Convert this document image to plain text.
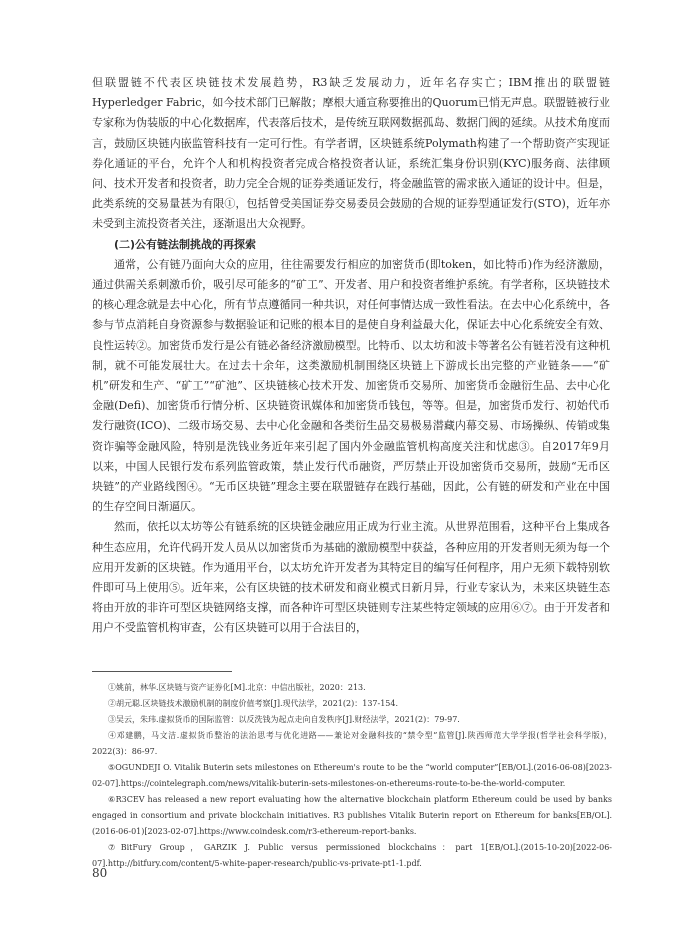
但联盟链不代表区块链技术发展趋势，R3缺乏发展动力，近年名存实亡；IBM推出的联盟链 Hyperledger Fabric，如今技术部门已解散；摩根大通宣称要推出的Quorum已悄无声息。联盟链被行业专家称为伪装版的中心化数据库，代表落后技术，是传统互联网数据孤岛、数据门阀的延续。从技术角度而言，鼓励区块链内嵌监管科技有一定可行性。有学者谓，区块链系统Polymath构建了一个帮助资产实现证券化通证的平台，允许个人和机构投资者完成合格投资者认证，系统汇集身份识别(KYC)服务商、法律顾问、技术开发者和投资者，助力完全合规的证券类通证发行，将金融监管的需求嵌入通证的设计中。但是，此类系统的交易量甚为有限①，包括曾受美国证券交易委员会鼓励的合规的证券型通证发行(STO)，近年亦未受到主流投资者关注，逐渐退出大众视野。

(二)公有链法制挑战的再探索

通常，公有链乃面向大众的应用，往往需要发行相应的加密货币(即token，如比特币)作为经济激励，通过供需关系刺激币价，吸引尽可能多的“矿工”、开发者、用户和投资者维护系统。有学者称，区块链技术的核心理念就是去中心化，所有节点遵循同一种共识，对任何事情达成一致性看法。在去中心化系统中，各参与节点消耗自身资源参与数据验证和记账的根本目的是使自身利益最大化，保证去中心化系统安全有效、良性运转②。加密货币发行是公有链必备经济激励模型。比特币、以太坊和波卡等著名公有链若没有这种机制，就不可能发展壮大。在过去十余年，这类激励机制围绕区块链上下游成长出完整的产业链条——“矿机”研发和生产、“矿工”“矿池”、区块链核心技术开发、加密货币交易所、加密货币金融衍生品、去中心化金融(Defi)、加密货币行情分析、区块链资讯媒体和加密货币钱包，等等。但是，加密货币发行、初始代币发行融资(ICO)、二级市场交易、去中心化金融和各类衍生品交易极易潜藏内幕交易、市场操纵、传销或集资诈骗等金融风险，特别是洗钱业务近年来引起了国内外金融监管机构高度关注和忧虑③。自2017年9月以来，中国人民银行发布系列监管政策，禁止发行代币融资，严厉禁止开设加密货币交易所，鼓励“无币区块链”的产业路线图④。“无币区块链”理念主要在联盟链存在践行基础，因此，公有链的研发和产业在中国的生存空间日渐逼仄。

然而，依托以太坊等公有链系统的区块链金融应用正成为行业主流。从世界范围看，这种平台上集成各种生态应用，允许代码开发人员从以加密货币为基础的激励模型中获益，各种应用的开发者则无须为每一个应用开发新的区块链。作为通用平台，以太坊允许开发者为其特定目的编写任何程序，用户无须下载特别软件即可马上使用⑤。近年来，公有区块链的技术研发和商业模式日新月异，行业专家认为，未来区块链生态将由开放的非许可型区块链网络支撑，而各种许可型区块链则专注某些特定领域的应用⑥⑦。由于开发者和用户不受监管机构审查，公有区块链可以用于合法目的，

①姚前，林华.区块链与资产证券化[M].北京：中信出版社，2020：213.

②胡元聪.区块链技术激励机制的制度价值考察[J].现代法学，2021(2)：137-154.

③吴云，朱玮.虚拟货币的国际监管：以反洗钱为起点走向自发秩序[J].财经法学，2021(2)：79-97.

④邓建鹏，马文洁.虚拟货币整治的法治思考与优化进路——兼论对金融科技的“禁令型”监管[J].陕西师范大学学报(哲学社会科学版)，2022(3)：86-97.

⑤OGUNDEJI O. Vitalik Buterin sets milestones on Ethereum's route to be the “world computer”[EB/OL].(2016-06-08)[2023-02-07].https://cointelegraph.com/news/vitalik-buterin-sets-milestones-on-ethereums-route-to-be-the-world-computer.

⑥R3CEV has released a new report evaluating how the alternative blockchain platform Ethereum could be used by banks engaged in consortium and private blockchain initiatives. R3 publishes Vitalik Buterin report on Ethereum for banks[EB/OL].(2016-06-01)[2023-02-07].https://www.coindesk.com/r3-ethereum-report-banks.

⑦BitFury Group，GARZIK J. Public versus permissioned blockchains：part 1[EB/OL].(2015-10-20)[2022-06-07].http://bitfury.com/content/5-white-paper-research/public-vs-private-pt1-1.pdf.

80
